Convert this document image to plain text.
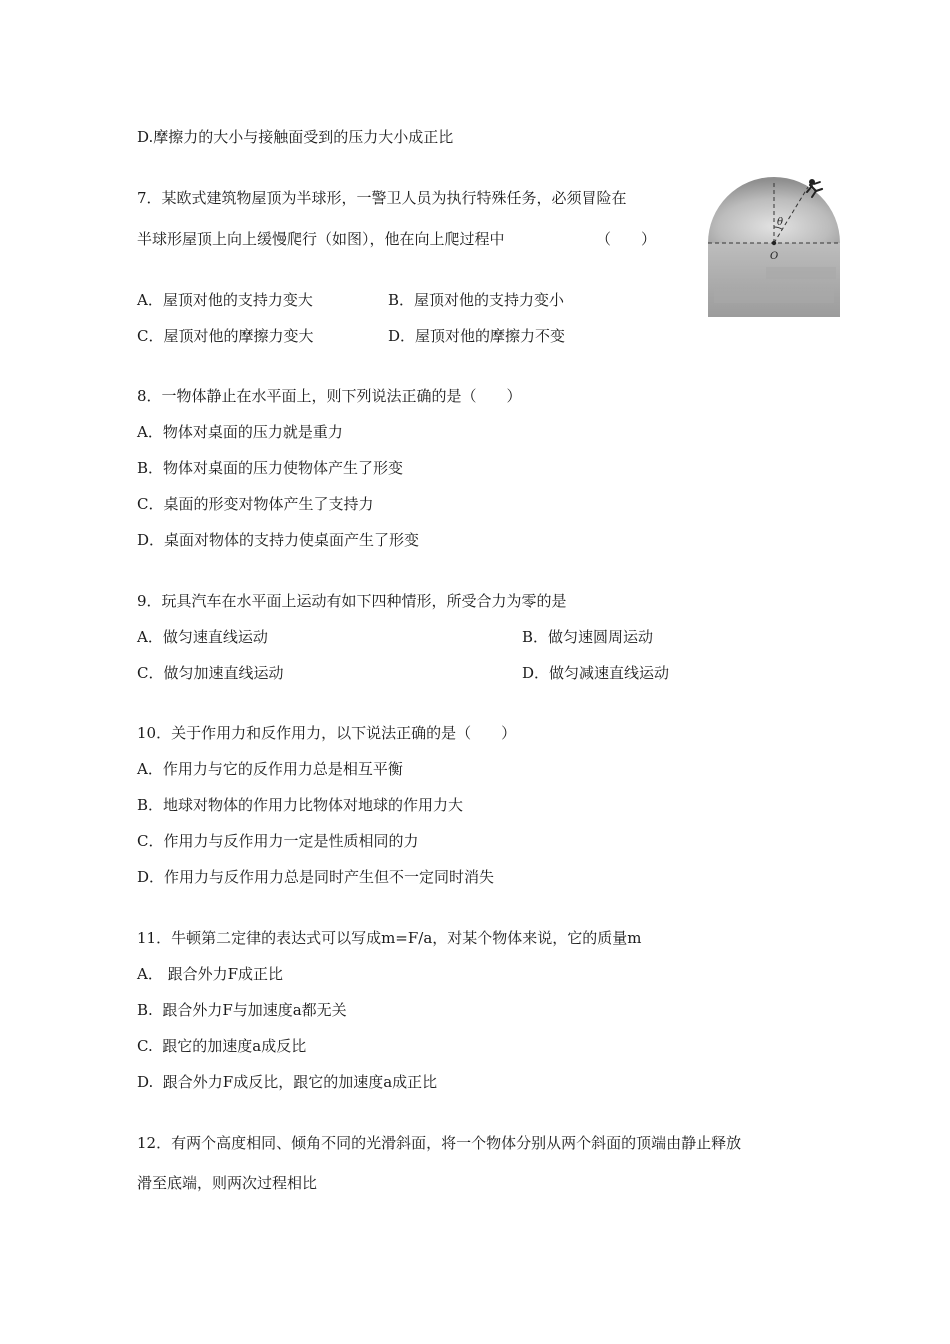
D.摩擦力的大小与接触面受到的压力大小成正比
7．某欧式建筑物屋顶为半球形，一警卫人员为执行特殊任务，必须冒险在
半球形屋顶上向上缓慢爬行（如图），他在向上爬过程中	（　　）
A．屋顶对他的支持力变大	B．屋顶对他的支持力变小
C．屋顶对他的摩擦力变大	D．屋顶对他的摩擦力不变
θ
O
8．一物体静止在水平面上，则下列说法正确的是（　　）
A．物体对桌面的压力就是重力
B．物体对桌面的压力使物体产生了形变
C．桌面的形变对物体产生了支持力
D．桌面对物体的支持力使桌面产生了形变
9．玩具汽车在水平面上运动有如下四种情形，所受合力为零的是
A．做匀速直线运动	B．做匀速圆周运动
C．做匀加速直线运动	D．做匀减速直线运动
10．关于作用力和反作用力，以下说法正确的是（　　）
A．作用力与它的反作用力总是相互平衡
B．地球对物体的作用力比物体对地球的作用力大
C．作用力与反作用力一定是性质相同的力
D．作用力与反作用力总是同时产生但不一定同时消失
11．牛顿第二定律的表达式可以写成m=F/a，对某个物体来说，它的质量m
A． 跟合外力F成正比
B.  跟合外力F与加速度a都无关
C.  跟它的加速度a成反比
D.  跟合外力F成反比，跟它的加速度a成正比
12．有两个高度相同、倾角不同的光滑斜面，将一个物体分别从两个斜面的顶端由静止释放
滑至底端，则两次过程相比
